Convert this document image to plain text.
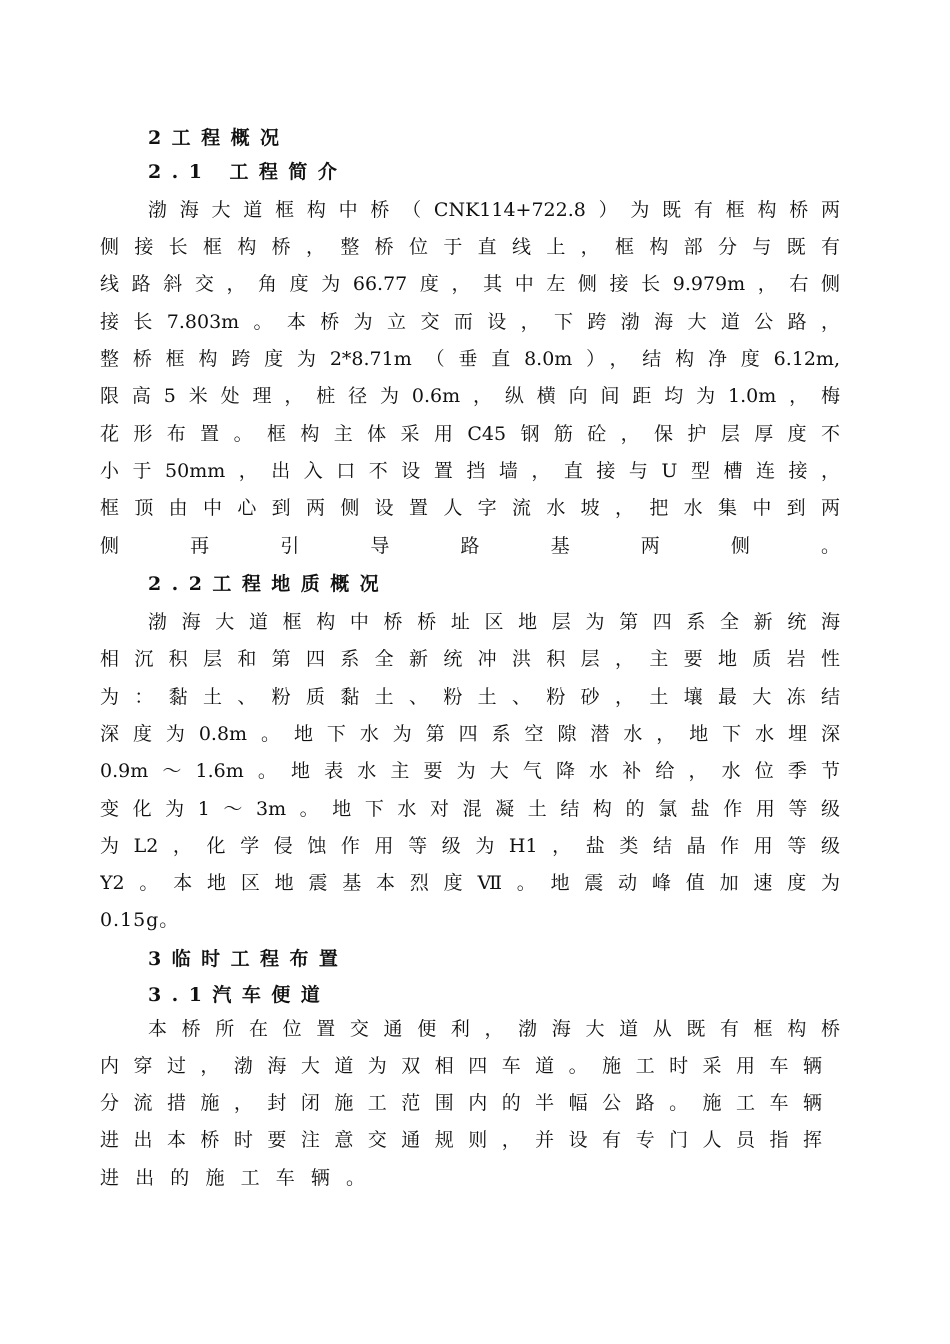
2工程概况
2.1 工程简介
渤海大道框构中桥（CNK114+722.8）为既有框构桥两
侧接长框构桥，整桥位于直线上，框构部分与既有
线路斜交，角度为66.77度，其中左侧接长9.979m，右侧
接长7.803m。本桥为立交而设，下跨渤海大道公路，
整桥框构跨度为2*8.71m（垂直8.0m），结构净度6.12m,
限高5米处理，桩径为0.6m，纵横向间距均为1.0m，梅
花形布置。框构主体采用C45钢筋砼，保护层厚度不
小于50mm，出入口不设置挡墙，直接与U型槽连接，
框顶由中心到两侧设置人字流水坡，把水集中到两
侧再引导路基两侧。
2.2工程地质概况
渤海大道框构中桥桥址区地层为第四系全新统海
相沉积层和第四系全新统冲洪积层，主要地质岩性
为：黏土、粉质黏土、粉土、粉砂，土壤最大冻结
深度为0.8m。地下水为第四系空隙潜水，地下水埋深
0.9m～1.6m。地表水主要为大气降水补给，水位季节
变化为1～3m。地下水对混凝土结构的氯盐作用等级
为L2，化学侵蚀作用等级为H1，盐类结晶作用等级
Y2。本地区地震基本烈度Ⅶ。地震动峰值加速度为
0.15g。
3临时工程布置
3.1汽车便道
本桥所在位置交通便利，渤海大道从既有框构桥
内穿过，渤海大道为双相四车道。施工时采用车辆
分流措施，封闭施工范围内的半幅公路。施工车辆
进出本桥时要注意交通规则，并设有专门人员指挥
进出的施工车辆。
